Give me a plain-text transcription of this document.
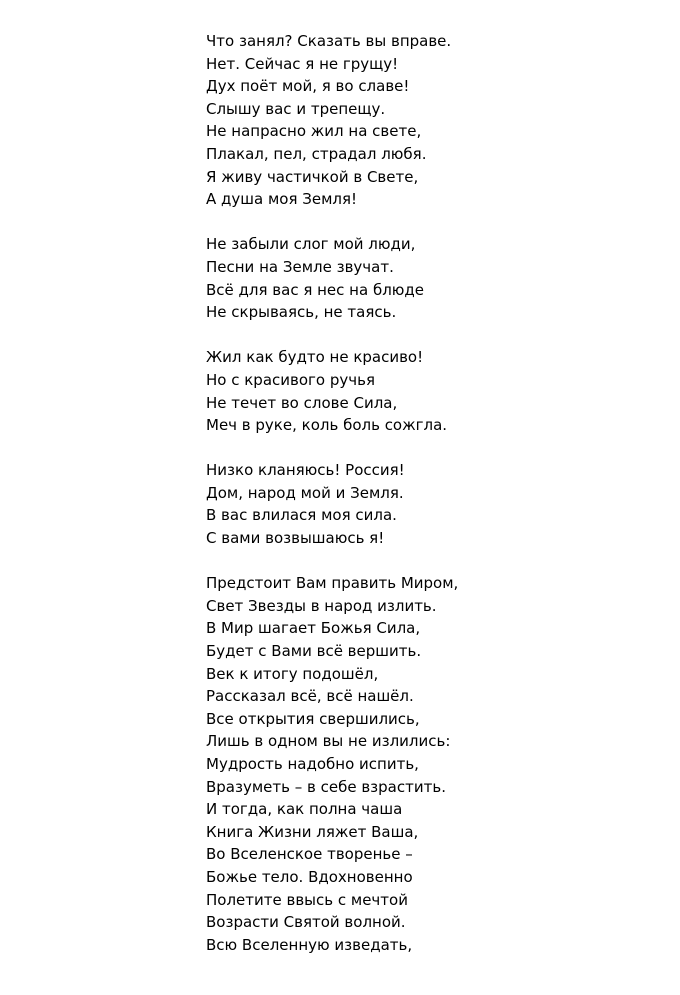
Что занял? Сказать вы вправе.
Нет. Сейчас я не грущу!
Дух поёт мой, я во славе!
Слышу вас и трепещу.
Не напрасно жил на свете,
Плакал, пел, страдал любя.
Я живу частичкой в Свете,
А душа моя Земля!
Не забыли слог мой люди,
Песни на Земле звучат.
Всё для вас я нес на блюде
Не скрываясь, не таясь.
Жил как будто не красиво!
Но с красивого ручья
Не течет во слове Сила,
Меч в руке, коль боль сожгла.
Низко кланяюсь! Россия!
Дом, народ мой и Земля.
В вас влилася моя сила.
С вами возвышаюсь я!
Предстоит Вам править Миром,
Свет Звезды в народ излить.
В Мир шагает Божья Сила,
Будет с Вами всё вершить.
Век к итогу подошёл,
Рассказал всё, всё нашёл.
Все открытия свершились,
Лишь в одном вы не излились:
Мудрость надобно испить,
Вразуметь – в себе взрастить.
И тогда, как полна чаша
Книга Жизни ляжет Ваша,
Во Вселенское творенье –
Божье тело. Вдохновенно
Полетите ввысь с мечтой
Возрасти Святой волной.
Всю Вселенную изведать,
